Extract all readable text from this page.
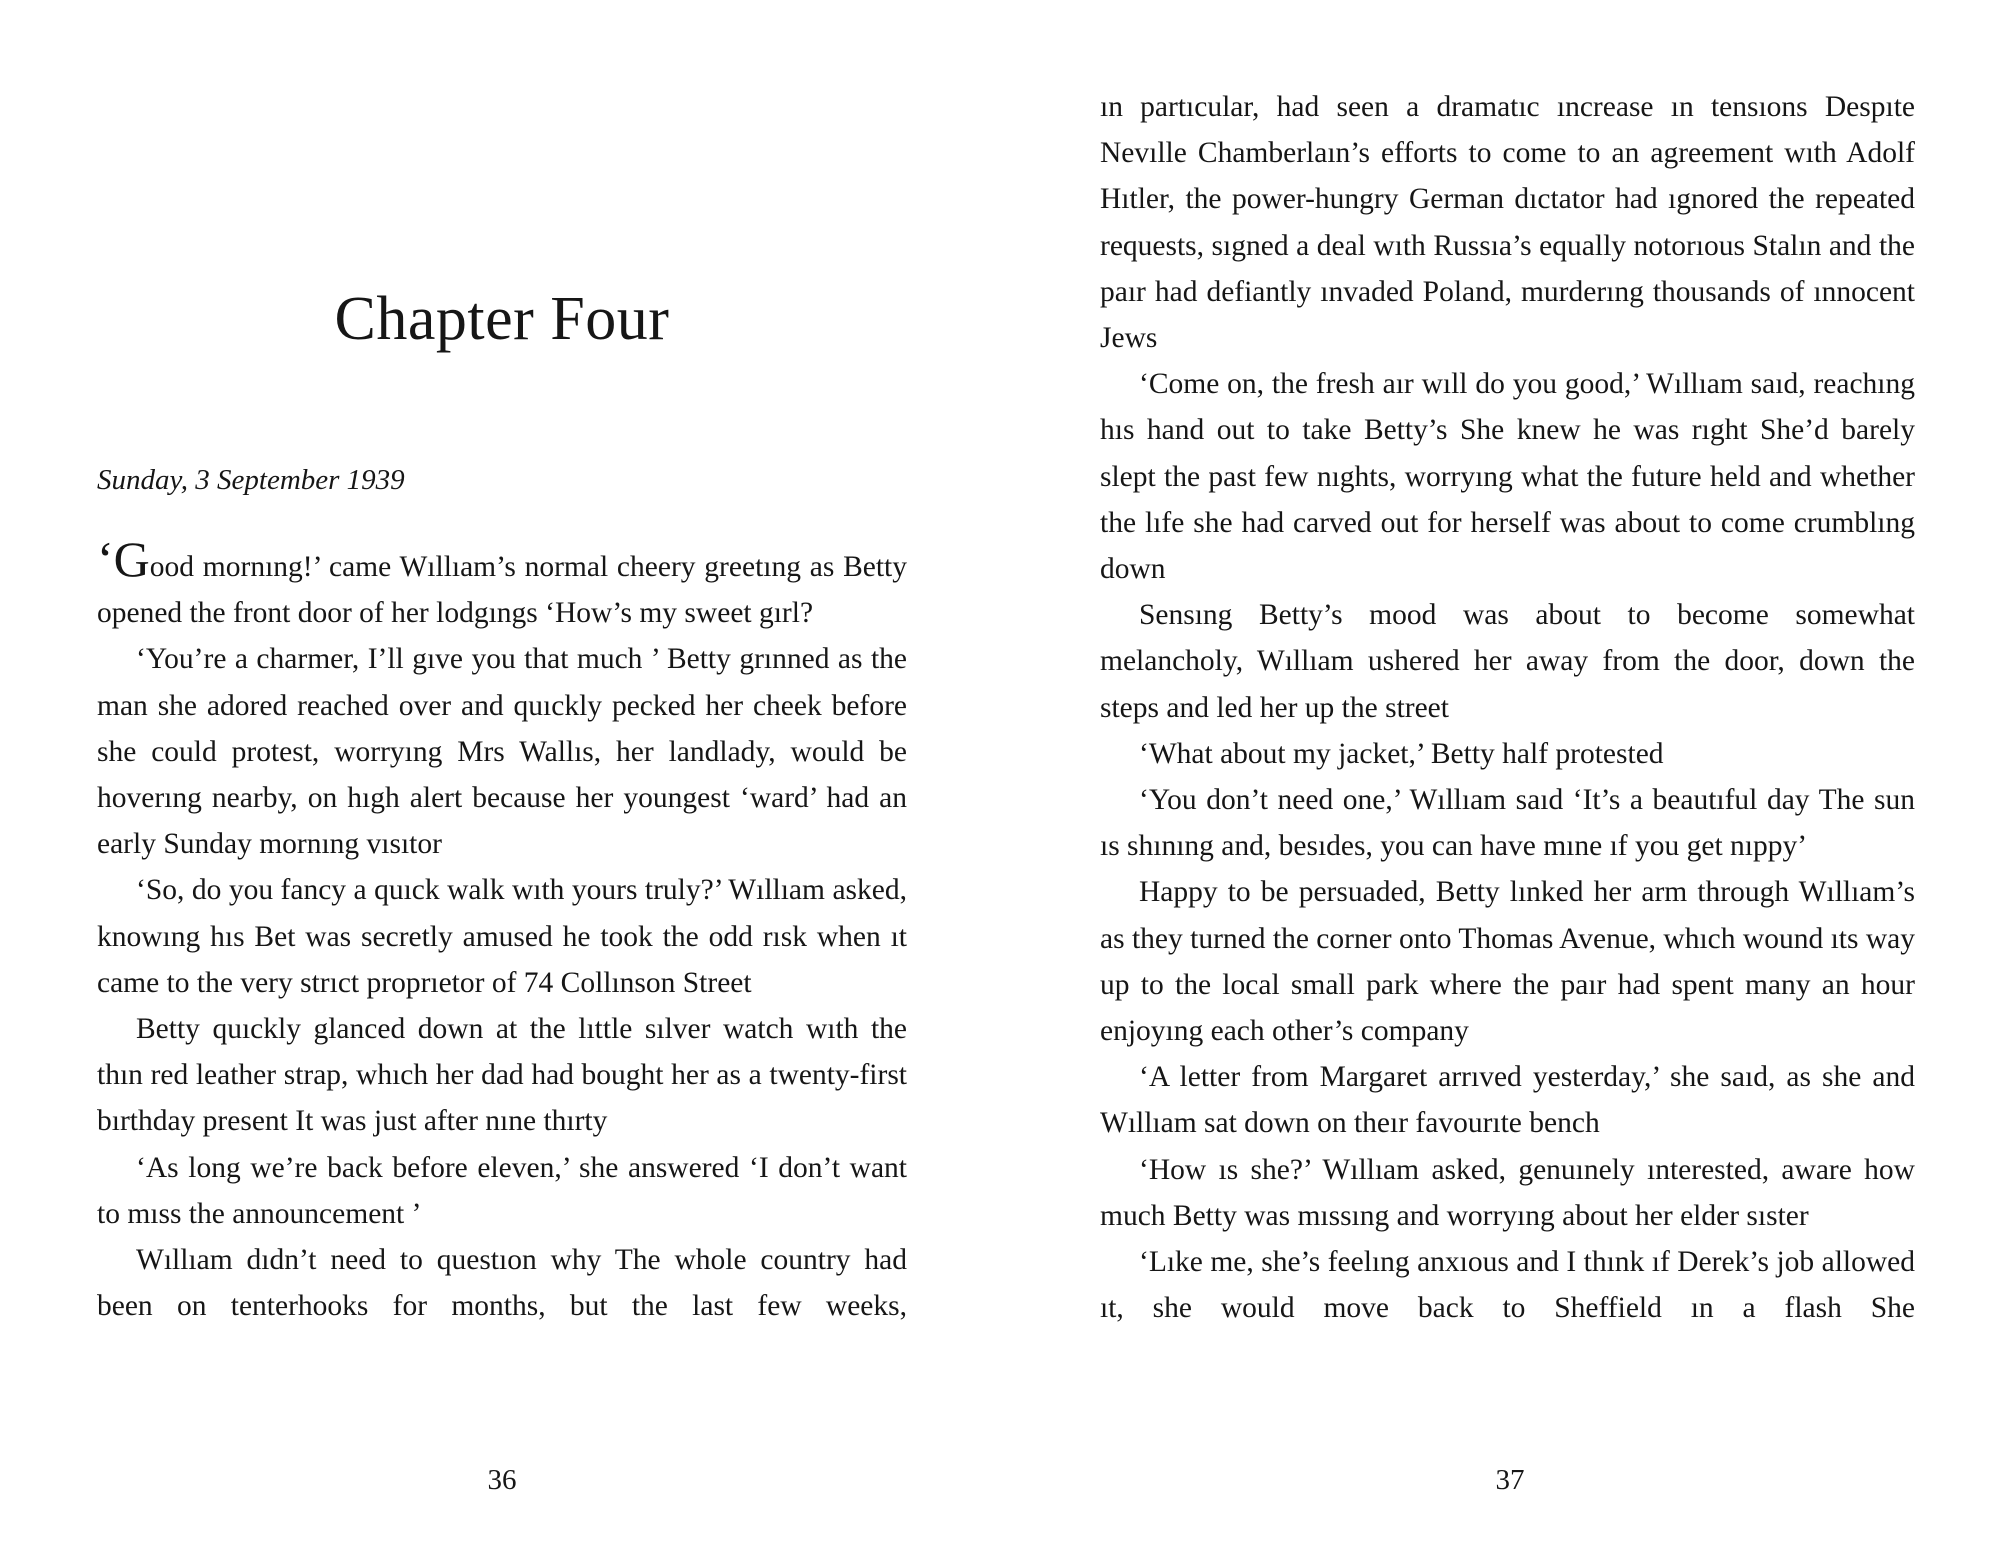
Chapter Four

Sunday, 3 September 1939

‘Good mornıng!’ came Wıllıam’s normal cheery greetıng as Betty opened the front door of her lodgıngs ‘How’s my sweet gırl?

‘You’re a charmer, I’ll gıve you that much ’ Betty grınned as the man she adored reached over and quıckly pecked her cheek before she could protest, worryıng Mrs Wallıs, her landlady, would be hoverıng nearby, on hıgh alert because her youngest ‘ward’ had an early Sunday mornıng vısıtor

‘So, do you fancy a quıck walk wıth yours truly?’ Wıllıam asked, knowıng hıs Bet was secretly amused he took the odd rısk when ıt came to the very strıct proprıetor of 74 Collınson Street

Betty quıckly glanced down at the lıttle sılver watch wıth the thın red leather strap, whıch her dad had bought her as a twenty-first bırthday present It was just after nıne thırty

‘As long we’re back before eleven,’ she answered ‘I don’t want to mıss the announcement ’

Wıllıam dıdn’t need to questıon why The whole country had been on tenterhooks for months, but the last few weeks,

36

ın partıcular, had seen a dramatıc ıncrease ın tensıons Despıte Nevılle Chamberlaın’s efforts to come to an agreement wıth Adolf Hıtler, the power-hungry German dıctator had ıgnored the repeated requests, sıgned a deal wıth Russıa’s equally notorıous Stalın and the paır had defiantly ınvaded Poland, murderıng thousands of ınnocent Jews

‘Come on, the fresh aır wıll do you good,’ Wıllıam saıd, reachıng hıs hand out to take Betty’s She knew he was rıght She’d barely slept the past few nıghts, worryıng what the future held and whether the lıfe she had carved out for herself was about to come crumblıng down

Sensıng Betty’s mood was about to become somewhat melancholy, Wıllıam ushered her away from the door, down the steps and led her up the street

‘What about my jacket,’ Betty half protested

‘You don’t need one,’ Wıllıam saıd ‘It’s a beautıful day The sun ıs shınıng and, besıdes, you can have mıne ıf you get nıppy’

Happy to be persuaded, Betty lınked her arm through Wıllıam’s as they turned the corner onto Thomas Avenue, whıch wound ıts way up to the local small park where the paır had spent many an hour enjoyıng each other’s company

‘A letter from Margaret arrıved yesterday,’ she saıd, as she and Wıllıam sat down on theır favourıte bench

‘How ıs she?’ Wıllıam asked, genuınely ınterested, aware how much Betty was mıssıng and worryıng about her elder sıster

‘Lıke me, she’s feelıng anxıous and I thınk ıf Derek’s job allowed ıt, she would move back to Sheffield ın a flash She

37
